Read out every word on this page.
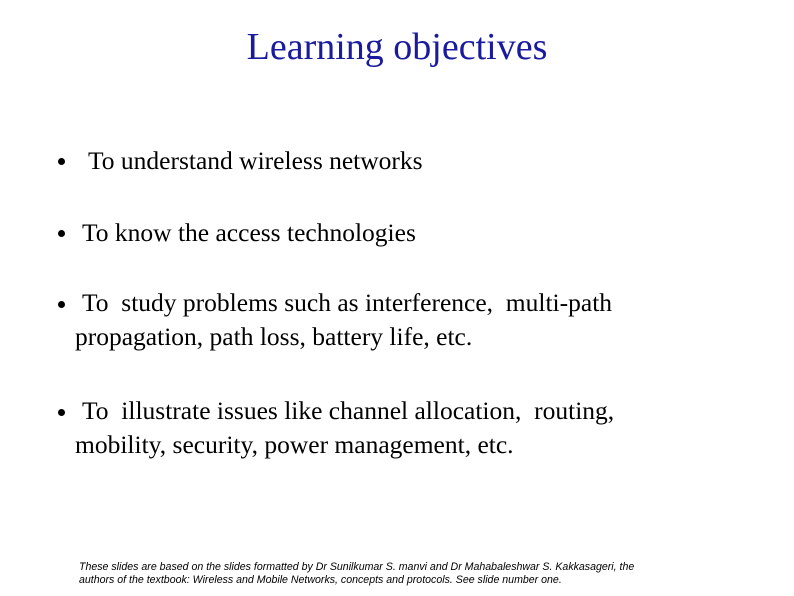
Learning objectives
To understand wireless networks
To know the access technologies
To  study problems such as interference,  multi-path
propagation, path loss, battery life, etc.
To  illustrate issues like channel allocation,  routing,
mobility, security, power management, etc.
These slides are based on the slides formatted by Dr Sunilkumar S. manvi and Dr Mahabaleshwar S. Kakkasageri, the
authors of the textbook: Wireless and Mobile Networks, concepts and protocols. See slide number one.
